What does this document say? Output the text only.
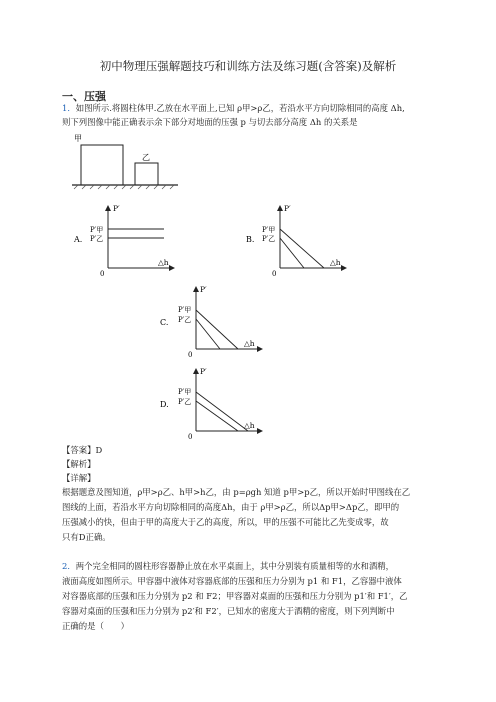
初中物理压强解题技巧和训练方法及练习题(含答案)及解析
一、压强
1．如图所示.将圆柱体甲.乙放在水平面上,已知 ρ甲>ρ乙，若沿水平方向切除相同的高度 Δh,
则下列图像中能正确表示余下部分对地面的压强 p 与切去部分高度 Δh 的关系是
甲
乙
A.
P′
P′甲
P′乙
0
△h
B.
P′
P′甲
P′乙
0
△h
C.
P′
P′甲
P′乙
0
△h
D.
P′
P′甲
P′乙
0
△h
【答案】D
【解析】
【详解】
根据题意及图知道，ρ甲>ρ乙、h甲>h乙，由 p=ρgh 知道 p甲>p乙，所以开始时甲图线在乙
图线的上面，若沿水平方向切除相同的高度Δh，由于 ρ甲>ρ乙，所以Δp甲>Δp乙，即甲的
压强减小的快，但由于甲的高度大于乙的高度，所以，甲的压强不可能比乙先变成零，故
只有D正确。
2．两个完全相同的圆柱形容器静止放在水平桌面上，其中分别装有质量相等的水和酒精，
液面高度如图所示。甲容器中液体对容器底部的压强和压力分别为 p1 和 F1，乙容器中液体
对容器底部的压强和压力分别为 p2 和 F2；甲容器对桌面的压强和压力分别为 p1′和 F1′，乙
容器对桌面的压强和压力分别为 p2′和 F2′，已知水的密度大于酒精的密度，则下列判断中
正确的是（　　）
